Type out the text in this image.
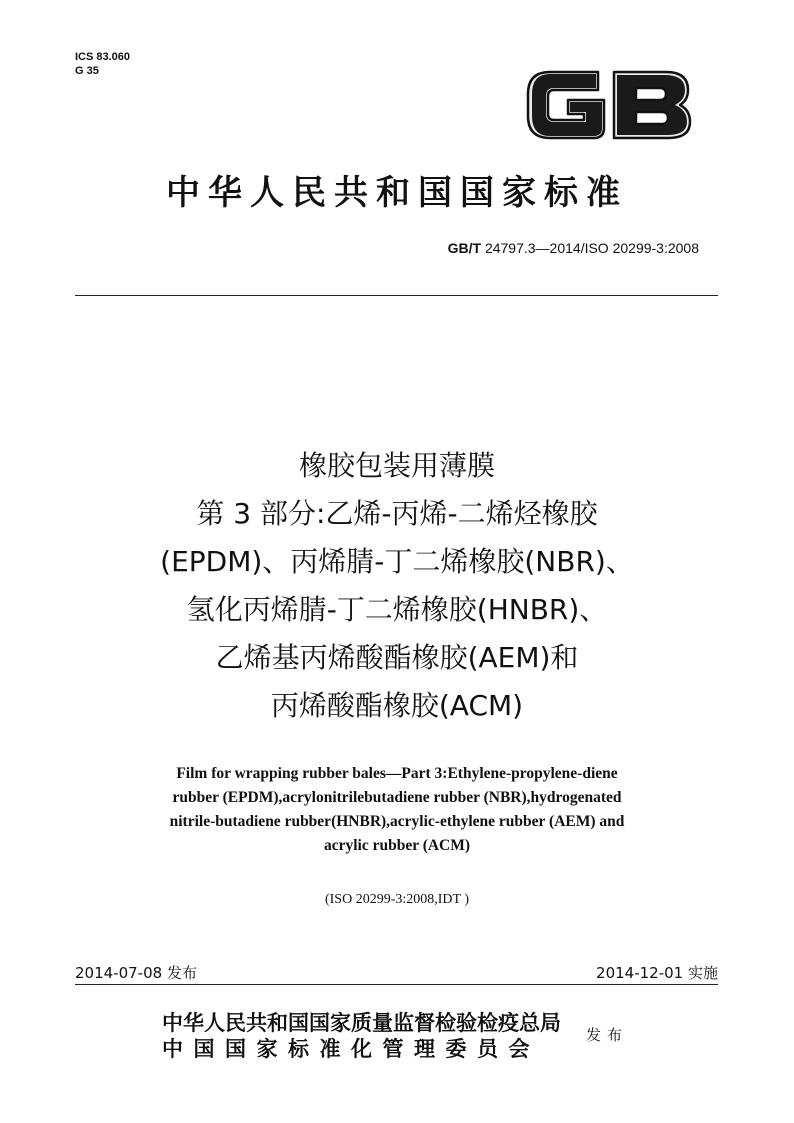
ICS 83.060
G 35
GB
中华人民共和国国家标准
GB/T 24797.3—2014/ISO 20299-3:2008
橡胶包装用薄膜
第 3 部分:乙烯-丙烯-二烯烃橡胶
(EPDM)、丙烯腈-丁二烯橡胶(NBR)、
氢化丙烯腈-丁二烯橡胶(HNBR)、
乙烯基丙烯酸酯橡胶(AEM)和
丙烯酸酯橡胶(ACM)
Film for wrapping rubber bales—Part 3:Ethylene-propylene-diene
rubber (EPDM),acrylonitrilebutadiene rubber (NBR),hydrogenated
nitrile-butadiene rubber(HNBR),acrylic-ethylene rubber (AEM) and
acrylic rubber (ACM)
(ISO 20299-3:2008,IDT )
2014-07-08 发布	2014-12-01 实施
中华人民共和国国家质量监督检验检疫总局
中国国家标准化管理委员会
发布
